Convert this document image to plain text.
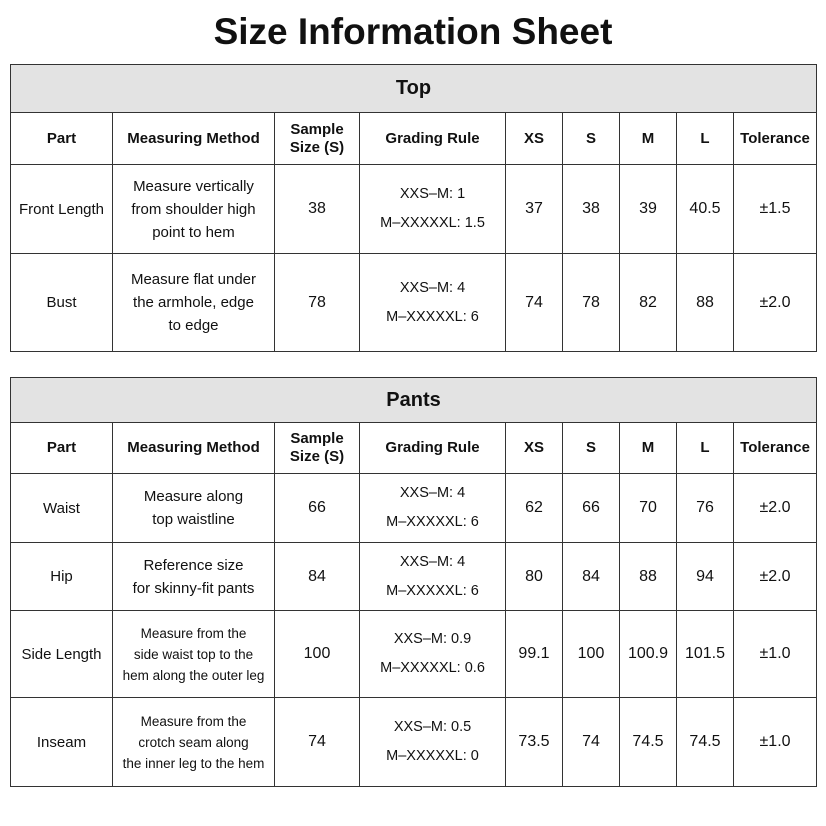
Size Information Sheet
Top								
Part	Measuring Method	Sample
Size (S)	Grading Rule	XS	S	M	L	Tolerance
Front Length	Measure vertically
from shoulder high
point to hem	38	XXS–M: 1
M–XXXXXL: 1.5	37	38	39	40.5	±1.5
Bust	Measure flat under
the armhole, edge
to edge	78	XXS–M: 4
M–XXXXXL: 6	74	78	82	88	±2.0
Pants								
Part	Measuring Method	Sample
Size (S)	Grading Rule	XS	S	M	L	Tolerance
Waist	Measure along
top waistline	66	XXS–M: 4
M–XXXXXL: 6	62	66	70	76	±2.0
Hip	Reference size
for skinny-fit pants	84	XXS–M: 4
M–XXXXXL: 6	80	84	88	94	±2.0
Side Length	Measure from the
side waist top to the
hem along the outer leg	100	XXS–M: 0.9
M–XXXXXL: 0.6	99.1	100	100.9	101.5	±1.0
Inseam	Measure from the
crotch seam along
the inner leg to the hem	74	XXS–M: 0.5
M–XXXXXL: 0	73.5	74	74.5	74.5	±1.0
